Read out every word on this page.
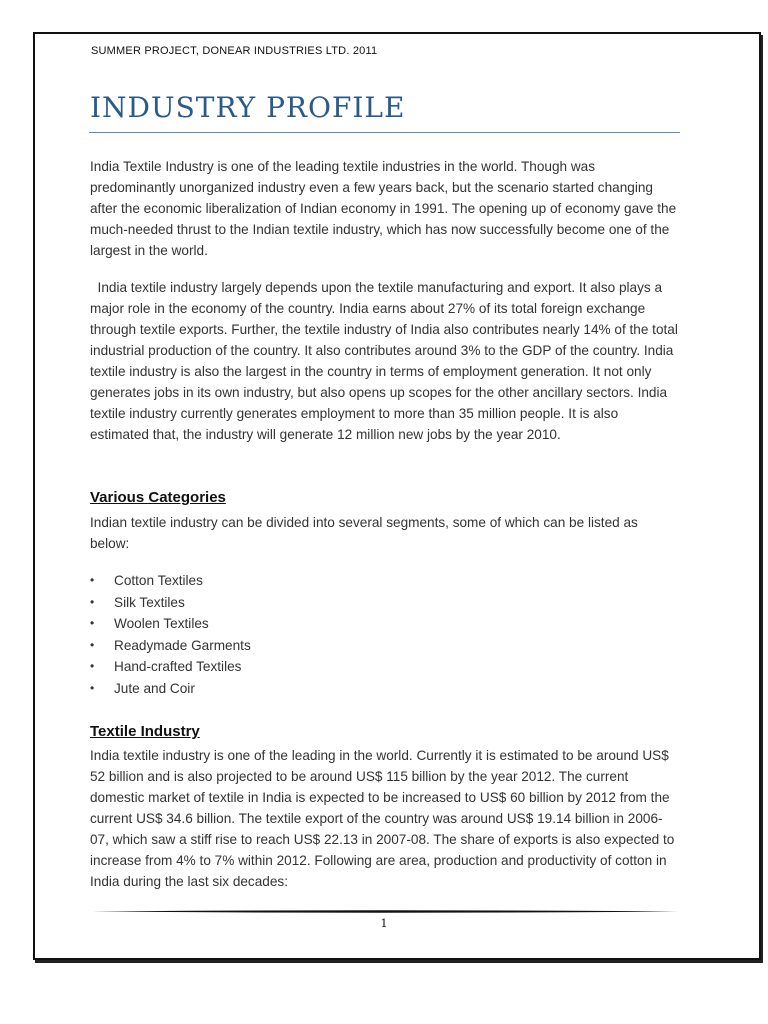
SUMMER PROJECT, DONEAR INDUSTRIES LTD. 2011
INDUSTRY PROFILE

India Textile Industry is one of the leading textile industries in the world. Though was predominantly unorganized industry even a few years back, but the scenario started changing after the economic liberalization of Indian economy in 1991. The opening up of economy gave the much-needed thrust to the Indian textile industry, which has now successfully become one of the largest in the world.

India textile industry largely depends upon the textile manufacturing and export. It also plays a major role in the economy of the country. India earns about 27% of its total foreign exchange through textile exports. Further, the textile industry of India also contributes nearly 14% of the total industrial production of the country. It also contributes around 3% to the GDP of the country. India textile industry is also the largest in the country in terms of employment generation. It not only generates jobs in its own industry, but also opens up scopes for the other ancillary sectors. India textile industry currently generates employment to more than 35 million people. It is also estimated that, the industry will generate 12 million new jobs by the year 2010.

Various Categories

Indian textile industry can be divided into several segments, some of which can be listed as below:

•	Cotton Textiles
•	Silk Textiles
•	Woolen Textiles
•	Readymade Garments
•	Hand-crafted Textiles
•	Jute and Coir
Textile Industry

India textile industry is one of the leading in the world. Currently it is estimated to be around US$ 52 billion and is also projected to be around US$ 115 billion by the year 2012. The current domestic market of textile in India is expected to be increased to US$ 60 billion by 2012 from the current US$ 34.6 billion. The textile export of the country was around US$ 19.14 billion in 2006-07, which saw a stiff rise to reach US$ 22.13 in 2007-08. The share of exports is also expected to increase from 4% to 7% within 2012. Following are area, production and productivity of cotton in India during the last six decades:

1
